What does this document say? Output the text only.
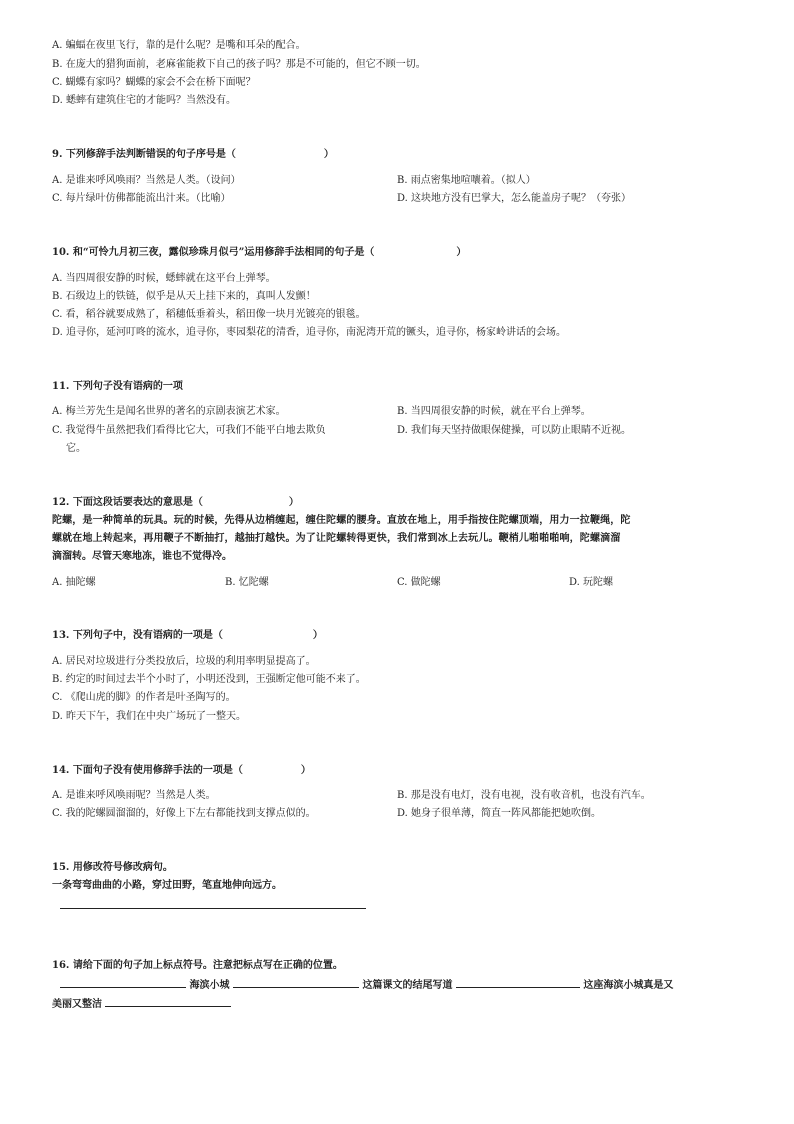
A. 蝙蝠在夜里飞行，靠的是什么呢？是嘴和耳朵的配合。
B. 在庞大的猎狗面前，老麻雀能救下自己的孩子吗？那是不可能的，但它不顾一切。
C. 蝴蝶有家吗？蝴蝶的家会不会在桥下面呢？
D. 蟋蟀有建筑住宅的才能吗？当然没有。
9. 下列修辞手法判断错误的句子序号是（	）
A. 是谁来呼风唤雨？当然是人类。（设问）	B. 雨点密集地喧嚷着。（拟人）
C. 每片绿叶仿佛都能流出汁来。（比喻）	D. 这块地方没有巴掌大，怎么能盖房子呢？（夸张）
10. 和“可怜九月初三夜，露似珍珠月似弓”运用修辞手法相同的句子是（	）
A. 当四周很安静的时候，蟋蟀就在这平台上弹琴。
B. 石级边上的铁链，似乎是从天上挂下来的，真叫人发颤！
C. 看，稻谷就要成熟了，稻穗低垂着头，稻田像一块月光镀亮的银毯。
D. 追寻你，延河叮咚的流水，追寻你，枣园梨花的清香，追寻你，南泥湾开荒的镢头，追寻你，杨家岭讲话的会场。
11. 下列句子没有语病的一项
A. 梅兰芳先生是闻名世界的著名的京剧表演艺术家。	B. 当四周很安静的时候，就在平台上弹琴。
C. 我觉得牛虽然把我们看得比它大，可我们不能平白地去欺负
它。
D. 我们每天坚持做眼保健操，可以防止眼睛不近视。
12. 下面这段话要表达的意思是（	）
陀螺，是一种简单的玩具。玩的时候，先得从边梢缠起，缠住陀螺的腰身。直放在地上，用手指按住陀螺顶端，用力一拉鞭绳，陀
螺就在地上转起来，再用鞭子不断抽打，越抽打越快。为了让陀螺转得更快，我们常到冰上去玩儿。鞭梢儿啪啪啪响，陀螺滴溜
滴溜转。尽管天寒地冻，谁也不觉得冷。
A. 抽陀螺	B. 忆陀螺	C. 做陀螺	D. 玩陀螺
13. 下列句子中，没有语病的一项是（	）
A. 居民对垃圾进行分类投放后，垃圾的利用率明显提高了。
B. 约定的时间过去半个小时了，小明还没到，王强断定他可能不来了。
C. 《爬山虎的脚》的作者是叶圣陶写的。
D. 昨天下午，我们在中央广场玩了一整天。
14. 下面句子没有使用修辞手法的一项是（	）
A. 是谁来呼风唤雨呢？当然是人类。	B. 那是没有电灯，没有电视，没有收音机，也没有汽车。
C. 我的陀螺圆溜溜的，好像上下左右都能找到支撑点似的。	D. 她身子很单薄，简直一阵风都能把她吹倒。
15. 用修改符号修改病句。
一条弯弯曲曲的小路，穿过田野，笔直地伸向远方。
16. 请给下面的句子加上标点符号。注意把标点写在正确的位置。
海滨小城	这篇课文的结尾写道	这座海滨小城真是又
美丽又整洁
